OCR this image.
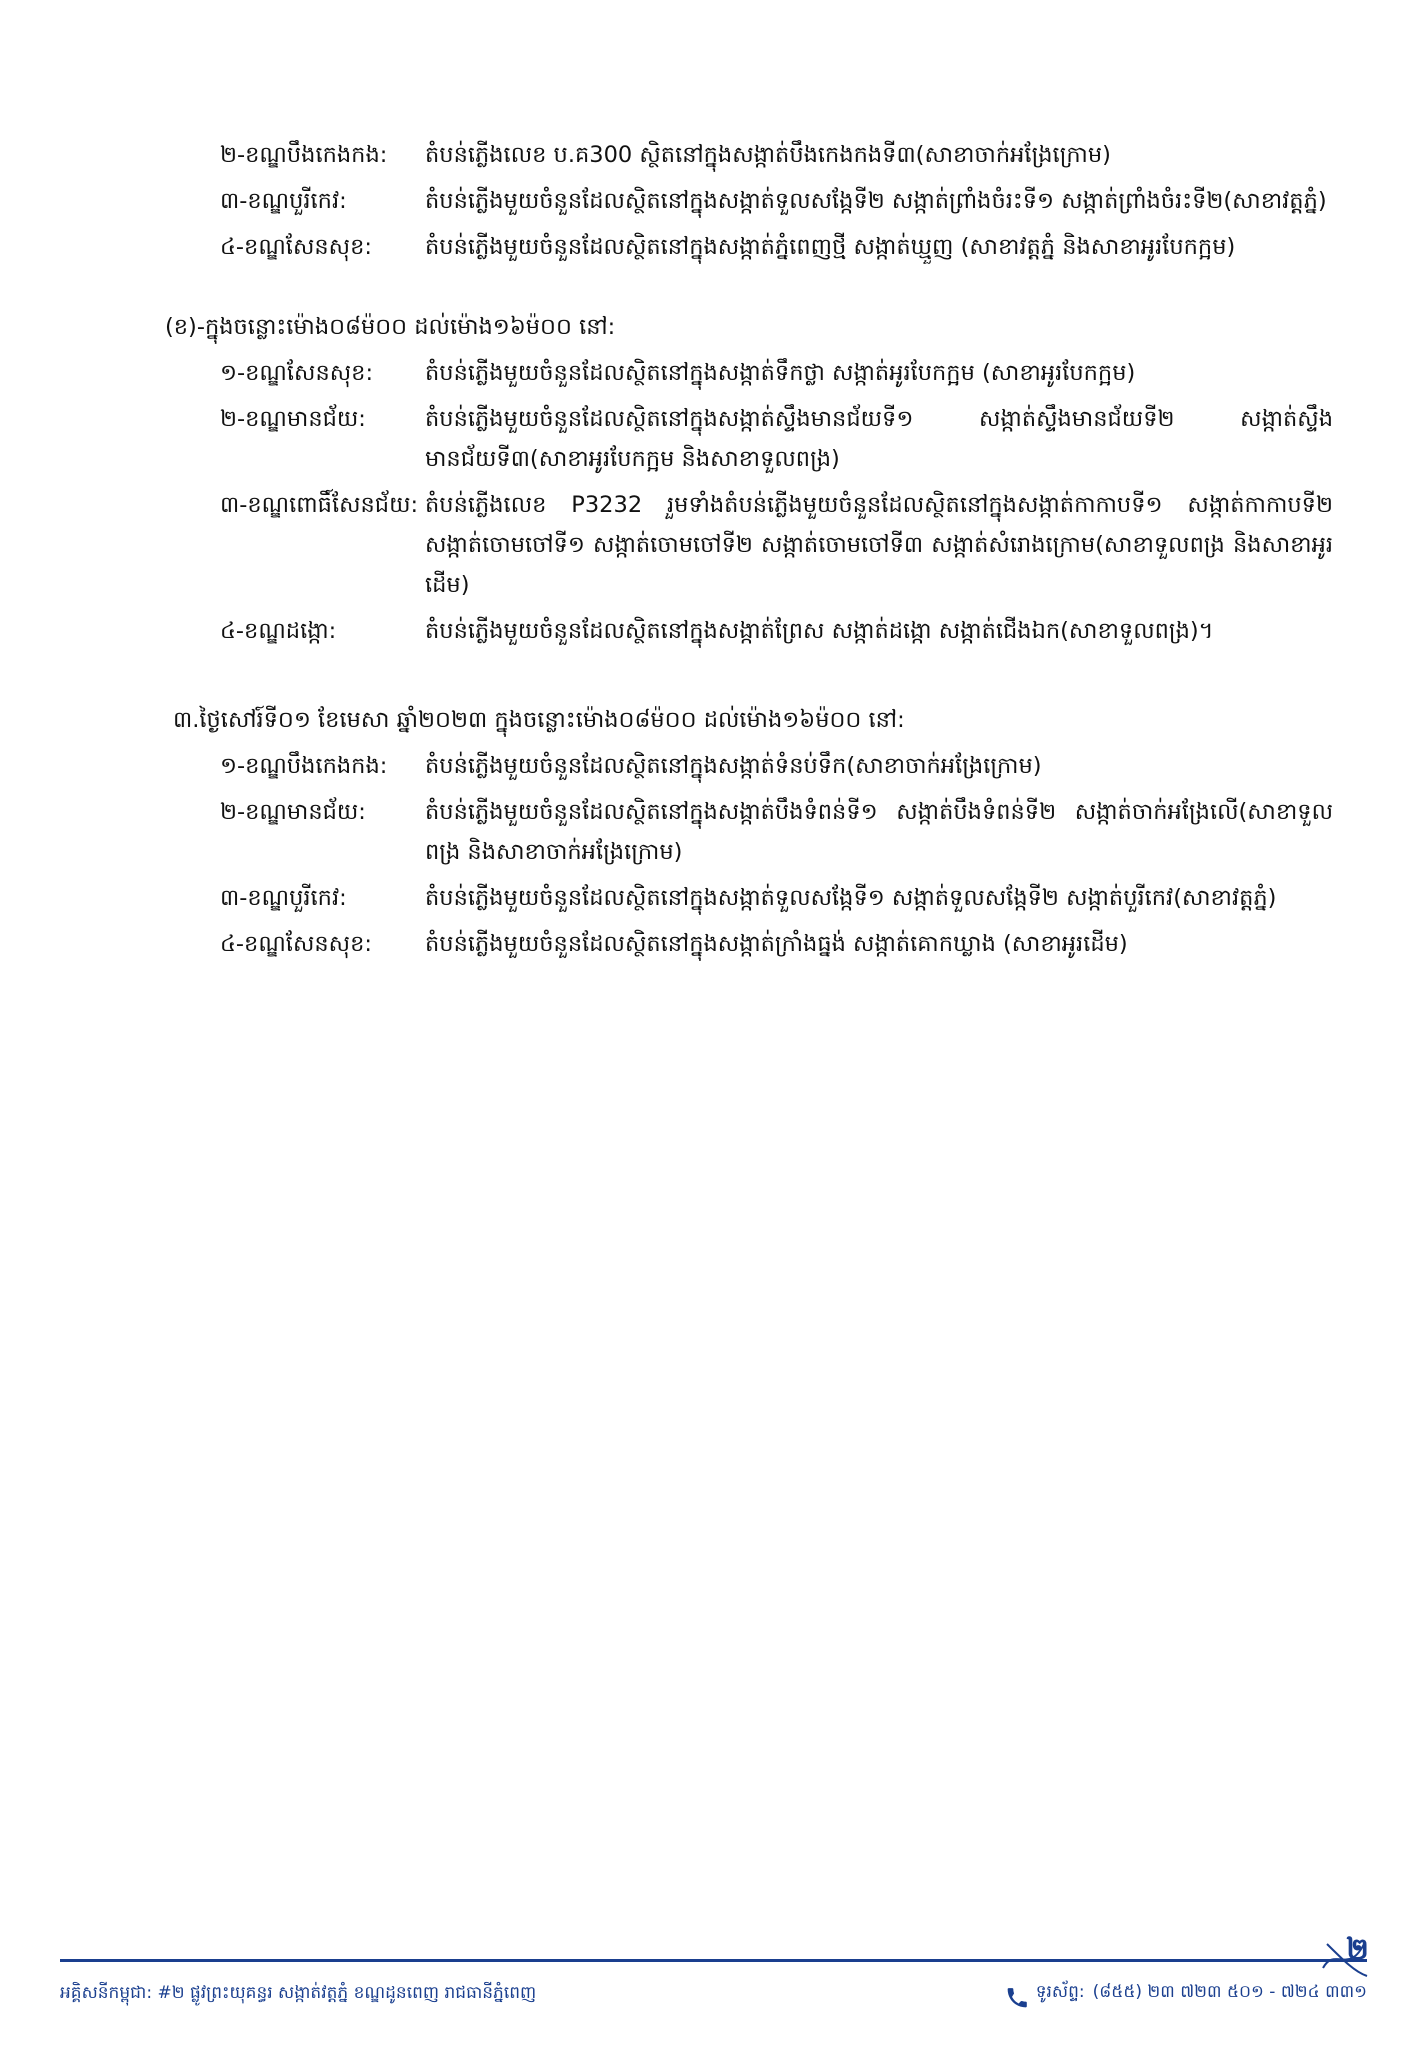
២-ខណ្ឌបឹងកេងកង:	តំបន់ភ្លើងលេខ ប.គ300 ស្ថិតនៅក្នុងសង្កាត់បឹងកេងកងទី៣(សាខាចាក់អង្រែក្រោម)
៣-ខណ្ឌបួរីកេវ:	តំបន់ភ្លើងមួយចំនួនដែលស្ថិតនៅក្នុងសង្កាត់ទួលសង្កែទី២ សង្កាត់ព្រាំងចំរះទី១ សង្កាត់ព្រាំងចំរះទី២(សាខាវត្តភ្នំ)
៤-ខណ្ឌសែនសុខ:	តំបន់ភ្លើងមួយចំនួនដែលស្ថិតនៅក្នុងសង្កាត់ភ្នំពេញថ្មី សង្កាត់ឃ្មួញ (សាខាវត្តភ្នំ និងសាខាអូរបែកក្អម)
(ខ)-ក្នុងចន្លោះម៉ោង០៨ម៉០០ ដល់ម៉ោង១៦ម៉០០ នៅ:
១-ខណ្ឌសែនសុខ:	តំបន់ភ្លើងមួយចំនួនដែលស្ថិតនៅក្នុងសង្កាត់ទឹកថ្លា សង្កាត់អូរបែកក្អម (សាខាអូរបែកក្អម)
២-ខណ្ឌមានជ័យ:	តំបន់ភ្លើងមួយចំនួនដែលស្ថិតនៅក្នុងសង្កាត់ស្ទឹងមានជ័យទី១ សង្កាត់ស្ទឹងមានជ័យទី២ សង្កាត់ស្ទឹងមានជ័យទី៣(សាខាអូរបែកក្អម និងសាខាទួលពង្រ)
៣-ខណ្ឌពោធិ៍សែនជ័យ: តំបន់ភ្លើងលេខ P3232 រួមទាំងតំបន់ភ្លើងមួយចំនួនដែលស្ថិតនៅក្នុងសង្កាត់កាកាបទី១ សង្កាត់កាកាបទី២ សង្កាត់ចោមចៅទី១ សង្កាត់ចោមចៅទី២ សង្កាត់ចោមចៅទី៣ សង្កាត់សំរោងក្រោម(សាខាទួលពង្រ និងសាខាអូរដើម)
៤-ខណ្ឌដង្កោ:	តំបន់ភ្លើងមួយចំនួនដែលស្ថិតនៅក្នុងសង្កាត់ព្រែស សង្កាត់ដង្កោ សង្កាត់ជើងឯក(សាខាទួលពង្រ)។
៣.ថ្ងៃសៅរ៍ទី០១ ខែមេសា ឆ្នាំ២០២៣ ក្នុងចន្លោះម៉ោង០៨ម៉០០ ដល់ម៉ោង១៦ម៉០០ នៅ:
១-ខណ្ឌបឹងកេងកង:	តំបន់ភ្លើងមួយចំនួនដែលស្ថិតនៅក្នុងសង្កាត់ទំនប់ទឹក(សាខាចាក់អង្រែក្រោម)
២-ខណ្ឌមានជ័យ:	តំបន់ភ្លើងមួយចំនួនដែលស្ថិតនៅក្នុងសង្កាត់បឹងទំពន់ទី១ សង្កាត់បឹងទំពន់ទី២ សង្កាត់ចាក់អង្រែលើ(សាខាទួលពង្រ និងសាខាចាក់អង្រែក្រោម)
៣-ខណ្ឌបួរីកេវ:	តំបន់ភ្លើងមួយចំនួនដែលស្ថិតនៅក្នុងសង្កាត់ទួលសង្កែទី១ សង្កាត់ទួលសង្កែទី២ សង្កាត់បួរីកេវ(សាខាវត្តភ្នំ)
៤-ខណ្ឌសែនសុខ:	តំបន់ភ្លើងមួយចំនួនដែលស្ថិតនៅក្នុងសង្កាត់ក្រាំងធ្នង់ សង្កាត់គោកឃ្លាង (សាខាអូរដើម)
អគ្គិសនីកម្ពុជា: #២ ផ្លូវព្រះយុគន្ធរ សង្កាត់វត្តភ្នំ ខណ្ឌដូនពេញ រាជធានីភ្នំពេញ	ទូរស័ព្ទ: (៨៥៥) ២៣ ៧២៣ ៥០១ - ៧២៤ ៣៣១
២
